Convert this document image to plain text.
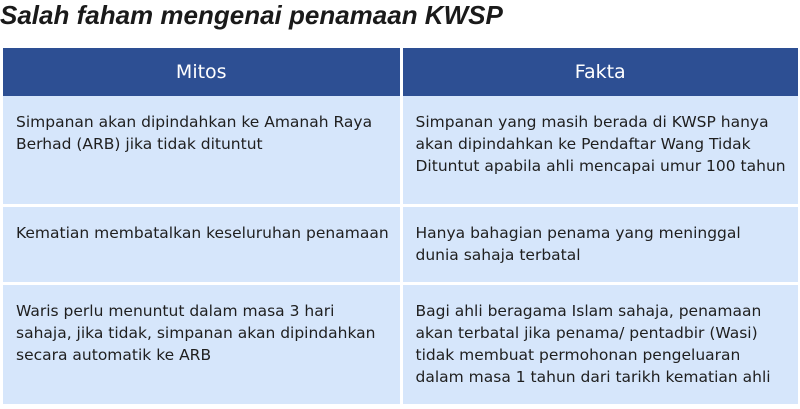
Salah faham mengenai penamaan KWSP
Mitos	Fakta
Simpanan akan dipindahkan ke Amanah Raya Berhad (ARB) jika tidak dituntut	Simpanan yang masih berada di KWSP hanya akan dipindahkan ke Pendaftar Wang Tidak Dituntut apabila ahli mencapai umur 100 tahun
Kematian membatalkan keseluruhan penamaan	Hanya bahagian penama yang meninggal dunia sahaja terbatal
Waris perlu menuntut dalam masa 3 hari sahaja, jika tidak, simpanan akan dipindahkan secara automatik ke ARB	Bagi ahli beragama Islam sahaja, penamaan akan terbatal jika penama/ pentadbir (Wasi) tidak membuat permohonan pengeluaran dalam masa 1 tahun dari tarikh kematian ahli
